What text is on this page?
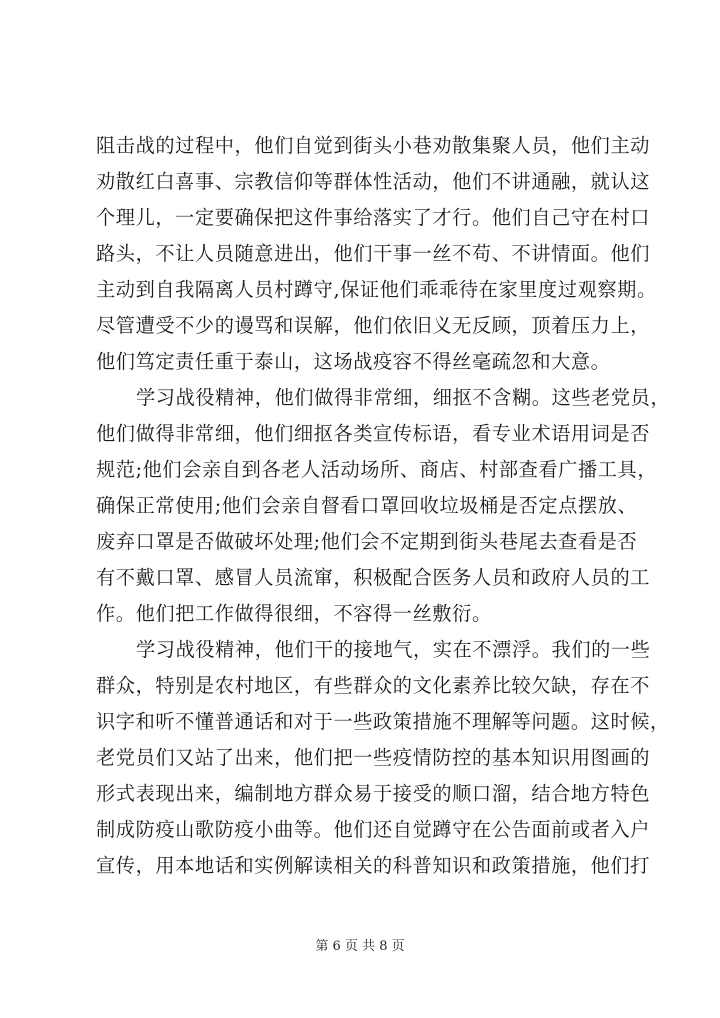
阻击战的过程中，他们自觉到街头小巷劝散集聚人员，他们主动
劝散红白喜事、宗教信仰等群体性活动，他们不讲通融，就认这
个理儿，一定要确保把这件事给落实了才行。他们自己守在村口
路头，不让人员随意进出，他们干事一丝不苟、不讲情面。他们
主动到自我隔离人员村蹲守,保证他们乖乖待在家里度过观察期。
尽管遭受不少的谩骂和误解，他们依旧义无反顾，顶着压力上，
他们笃定责任重于泰山，这场战疫容不得丝毫疏忽和大意。
学习战役精神，他们做得非常细，细抠不含糊。这些老党员，
他们做得非常细，他们细抠各类宣传标语，看专业术语用词是否
规范;他们会亲自到各老人活动场所、商店、村部查看广播工具，
确保正常使用;他们会亲自督看口罩回收垃圾桶是否定点摆放、
废弃口罩是否做破坏处理;他们会不定期到街头巷尾去查看是否
有不戴口罩、感冒人员流窜，积极配合医务人员和政府人员的工
作。他们把工作做得很细，不容得一丝敷衍。
学习战役精神，他们干的接地气，实在不漂浮。我们的一些
群众，特别是农村地区，有些群众的文化素养比较欠缺，存在不
识字和听不懂普通话和对于一些政策措施不理解等问题。这时候，
老党员们又站了出来，他们把一些疫情防控的基本知识用图画的
形式表现出来，编制地方群众易于接受的顺口溜，结合地方特色
制成防疫山歌防疫小曲等。他们还自觉蹲守在公告面前或者入户
宣传，用本地话和实例解读相关的科普知识和政策措施，他们打
第 6 页 共 8 页
